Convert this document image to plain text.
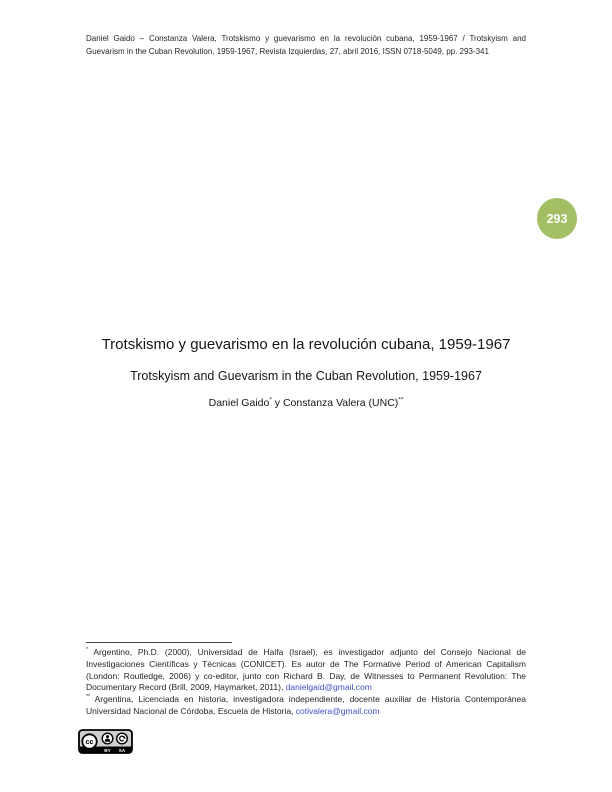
Daniel Gaido – Constanza Valera, Trotskismo y guevarismo en la revolución cubana, 1959-1967 / Trotskyism and Guevarism in the Cuban Revolution, 1959-1967, Revista Izquierdas, 27, abril 2016, ISSN 0718-5049, pp. 293-341
293
Trotskismo y guevarismo en la revolución cubana, 1959-1967
Trotskyism and Guevarism in the Cuban Revolution, 1959-1967
Daniel Gaido* y Constanza Valera (UNC)**

* Argentino, Ph.D. (2000), Universidad de Haifa (Israel), es investigador adjunto del Consejo Nacional de Investigaciones Científicas y Técnicas (CONICET). Es autor de The Formative Period of American Capitalism (London: Routledge, 2006) y co-editor, junto con Richard B. Day, de Witnesses to Permanent Revolution: The Documentary Record (Brill, 2009, Haymarket, 2011), danielgaid@gmail.com

** Argentina, Licenciada en historia, investigadora independiente, docente auxiliar de Historia Contemporánea Universidad Nacional de Córdoba, Escuela de Historia, cotivalera@gmail.com

cc
BY SA
